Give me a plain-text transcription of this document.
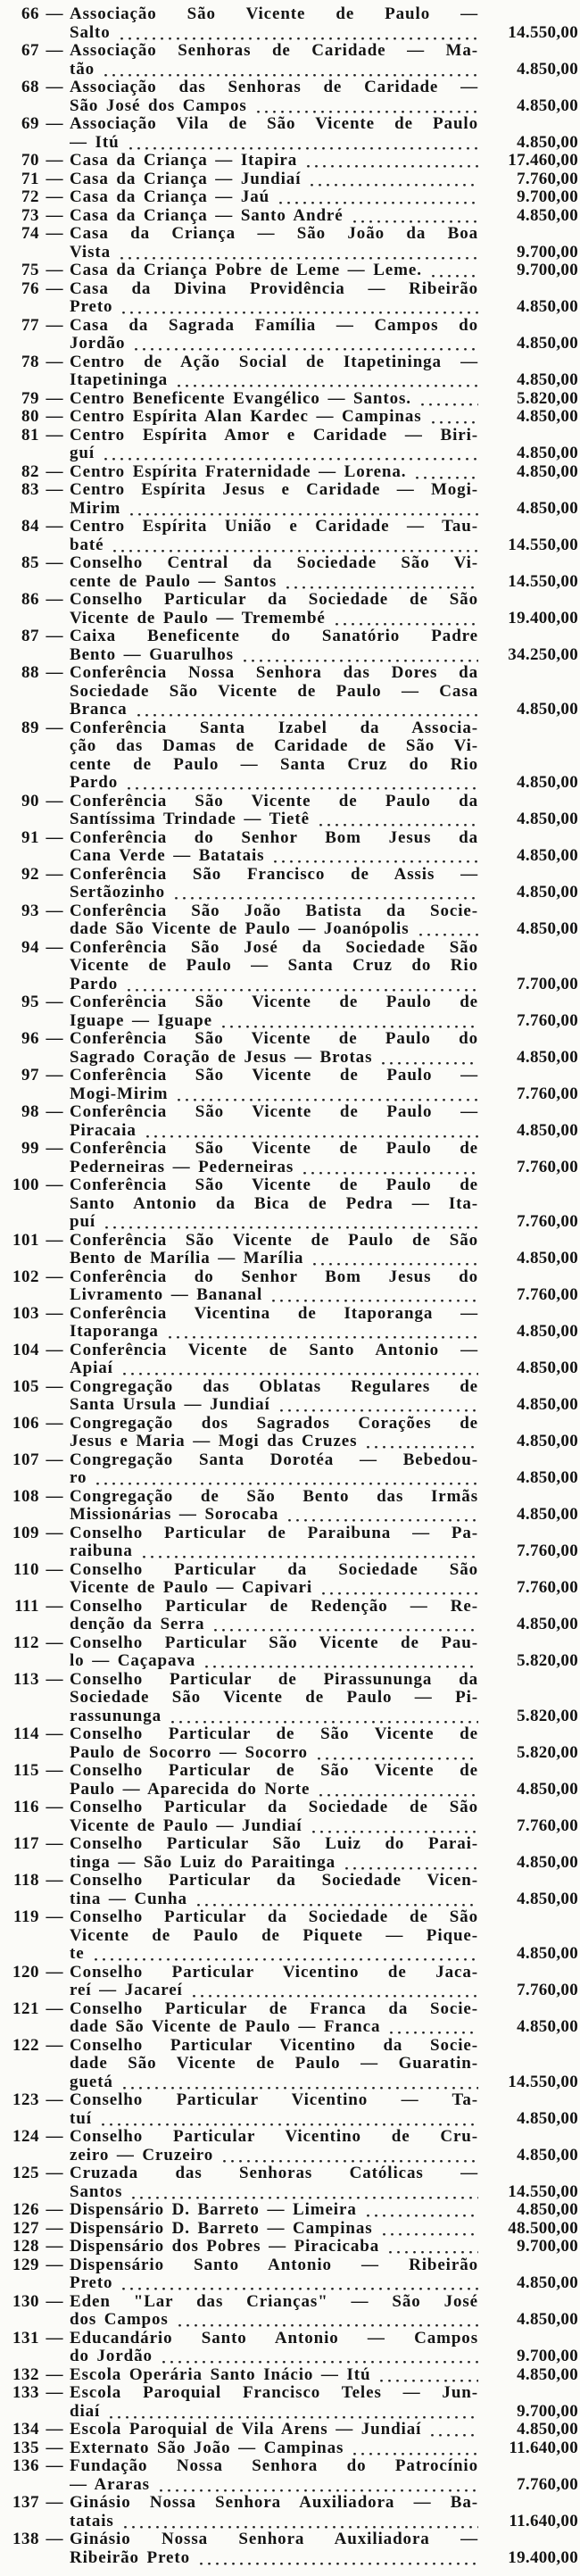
66 — Associação São Vicente de Paulo —
Salto	14.550,00
67 — Associação Senhoras de Caridade — Ma-
tão	4.850,00
68 — Associação das Senhoras de Caridade —
São José dos Campos	4.850,00
69 — Associação Vila de São Vicente de Paulo
— Itú	4.850,00
70 — Casa da Criança — Itapira	17.460,00
71 — Casa da Criança — Jundiaí	7.760,00
72 — Casa da Criança — Jaú	9.700,00
73 — Casa da Criança — Santo André	4.850,00
74 — Casa da Criança — São João da Boa
Vista	9.700,00
75 — Casa da Criança Pobre de Leme — Leme.	9.700,00
76 — Casa da Divina Providência — Ribeirão
Preto	4.850,00
77 — Casa da Sagrada Família — Campos do
Jordão	4.850,00
78 — Centro de Ação Social de Itapetininga —
Itapetininga	4.850,00
79 — Centro Beneficente Evangélico — Santos.	5.820,00
80 — Centro Espírita Alan Kardec — Campinas	4.850,00
81 — Centro Espírita Amor e Caridade — Biri-
guí	4.850,00
82 — Centro Espírita Fraternidade — Lorena.	4.850,00
83 — Centro Espírita Jesus e Caridade — Mogi-
Mirim	4.850,00
84 — Centro Espírita União e Caridade — Tau-
baté	14.550,00
85 — Conselho Central da Sociedade São Vi-
cente de Paulo — Santos	14.550,00
86 — Conselho Particular da Sociedade de São
Vicente de Paulo — Tremembé	19.400,00
87 — Caixa Beneficente do Sanatório Padre
Bento — Guarulhos	34.250,00
88 — Conferência Nossa Senhora das Dores da
Sociedade São Vicente de Paulo — Casa
Branca	4.850,00
89 — Conferência Santa Izabel da Associa-
ção das Damas de Caridade de São Vi-
cente de Paulo — Santa Cruz do Rio
Pardo	4.850,00
90 — Conferência São Vicente de Paulo da
Santíssima Trindade — Tietê	4.850,00
91 — Conferência do Senhor Bom Jesus da
Cana Verde — Batatais	4.850,00
92 — Conferência São Francisco de Assis —
Sertãozinho	4.850,00
93 — Conferência São João Batista da Socie-
dade São Vicente de Paulo — Joanópolis	4.850,00
94 — Conferência São José da Sociedade São
Vicente de Paulo — Santa Cruz do Rio
Pardo	7.700,00
95 — Conferência São Vicente de Paulo de
Iguape — Iguape	7.760,00
96 — Conferência São Vicente de Paulo do
Sagrado Coração de Jesus — Brotas	4.850,00
97 — Conferência São Vicente de Paulo —
Mogi-Mirim	7.760,00
98 — Conferência São Vicente de Paulo —
Piracaia	4.850,00
99 — Conferência São Vicente de Paulo de
Pederneiras — Pederneiras	7.760,00
100 — Conferência São Vicente de Paulo de
Santo Antonio da Bica de Pedra — Ita-
puí	7.760,00
101 — Conferência São Vicente de Paulo de São
Bento de Marília — Marília	4.850,00
102 — Conferência do Senhor Bom Jesus do
Livramento — Bananal	7.760,00
103 — Conferência Vicentina de Itaporanga —
Itaporanga	4.850,00
104 — Conferência Vicente de Santo Antonio —
Apiaí	4.850,00
105 — Congregação das Oblatas Regulares de
Santa Ursula — Jundiaí	4.850,00
106 — Congregação dos Sagrados Corações de
Jesus e Maria — Mogi das Cruzes	4.850,00
107 — Congregação Santa Dorotéa — Bebedou-
ro	4.850,00
108 — Congregação de São Bento das Irmãs
Missionárias — Sorocaba	4.850,00
109 — Conselho Particular de Paraibuna — Pa-
raibuna	7.760,00
110 — Conselho Particular da Sociedade São
Vicente de Paulo — Capivari	7.760,00
111 — Conselho Particular de Redenção — Re-
denção da Serra	4.850,00
112 — Conselho Particular São Vicente de Pau-
lo — Caçapava	5.820,00
113 — Conselho Particular de Pirassununga da
Sociedade São Vicente de Paulo — Pi-
rassununga	5.820,00
114 — Conselho Particular de São Vicente de
Paulo de Socorro — Socorro	5.820,00
115 — Conselho Particular de São Vicente de
Paulo — Aparecida do Norte	4.850,00
116 — Conselho Particular da Sociedade de São
Vicente de Paulo — Jundiaí	7.760,00
117 — Conselho Particular São Luiz do Parai-
tinga — São Luiz do Paraitinga	4.850,00
118 — Conselho Particular da Sociedade Vicen-
tina — Cunha	4.850,00
119 — Conselho Particular da Sociedade de São
Vicente de Paulo de Piquete — Pique-
te	4.850,00
120 — Conselho Particular Vicentino de Jaca-
reí — Jacareí	7.760,00
121 — Conselho Particular de Franca da Socie-
dade São Vicente de Paulo — Franca	4.850,00
122 — Conselho Particular Vicentino da Socie-
dade São Vicente de Paulo — Guaratin-
guetá	14.550,00
123 — Conselho Particular Vicentino — Ta-
tuí	4.850,00
124 — Conselho Particular Vicentino de Cru-
zeiro — Cruzeiro	4.850,00
125 — Cruzada das Senhoras Católicas —
Santos	14.550,00
126 — Dispensário D. Barreto — Limeira	4.850,00
127 — Dispensário D. Barreto — Campinas	48.500,00
128 — Dispensário dos Pobres — Piracicaba	9.700,00
129 — Dispensário Santo Antonio — Ribeirão
Preto	4.850,00
130 — Eden "Lar das Crianças" — São José
dos Campos	4.850,00
131 — Educandário Santo Antonio — Campos
do Jordão	9.700,00
132 — Escola Operária Santo Inácio — Itú	4.850,00
133 — Escola Paroquial Francisco Teles — Jun-
diaí	9.700,00
134 — Escola Paroquial de Vila Arens — Jundiaí	4.850,00
135 — Externato São João — Campinas	11.640,00
136 — Fundação Nossa Senhora do Patrocínio
— Araras	7.760,00
137 — Ginásio Nossa Senhora Auxiliadora — Ba-
tatais	11.640,00
138 — Ginásio Nossa Senhora Auxiliadora —
Ribeirão Preto	19.400,00
